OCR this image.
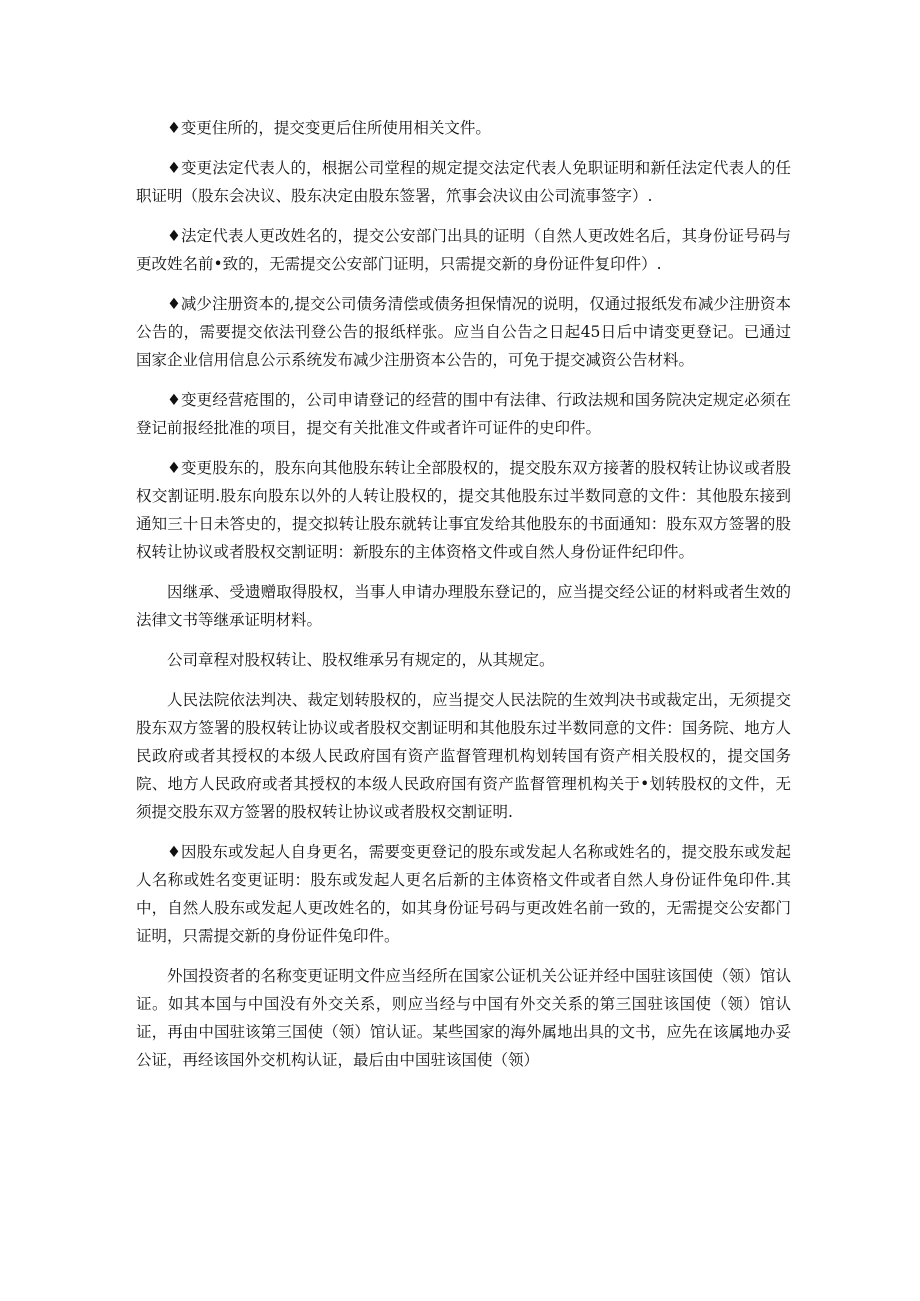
♦变更住所的，提交变更后住所使用相关文件。

♦变更法定代表人的，根据公司堂程的规定提交法定代表人免职证明和新任法定代表人的任职证明（股东会决议、股东决定由股东签署，笊事会决议由公司流事签字）.

♦法定代表人更改姓名的，提交公安部门出具的证明（自然人更改姓名后，其身份证号码与更改姓名前•致的，无需提交公安部门证明，只需提交新的身份证件复印件）.

♦减少注册资本的,提交公司债务清偿或债务担保情况的说明，仅通过报纸发布减少注册资本公告的，需要提交依法刊登公告的报纸样张。应当自公告之日起45日后中请变更登记。已通过国家企业信用信息公示系统发布减少注册资本公告的，可免于提交减资公告材料。

♦变更经营疮围的，公司申请登记的经营的围中有法律、行政法规和国务院决定规定必须在登记前报经批准的项目，提交有关批准文件或者许可证件的史印件。

♦变更股东的，股东向其他股东转让全部股权的，提交股东双方接著的股权转让协议或者股权交割证明.股东向股东以外的人转让股权的，提交其他股东过半数同意的文件：其他股东接到通知三十日未答史的，提交拟转让股东就转让事宜发给其他股东的书面通知：股东双方签署的股权转让协议或者股权交割证明：新股东的主体资格文件或自然人身份证件纪印件。

因继承、受遗赠取得股权，当事人申请办理股东登记的，应当提交经公证的材料或者生效的法律文书等继承证明材料。

公司章程对股权转让、股权维承另有规定的，从其规定。

人民法院依法判决、裁定划转股权的，应当提交人民法院的生效判决书或裁定出，无须提交股东双方签署的股权转让协议或者股权交割证明和其他股东过半数同意的文件：国务院、地方人民政府或者其授权的本级人民政府国有资产监督管理机构划转国有资产相关股权的，提交国务院、地方人民政府或者其授权的本级人民政府国有资产监督管理机构关于•划转股权的文件，无须提交股东双方签署的股权转让协议或者股权交割证明.

♦因股东或发起人自身更名，需要变更登记的股东或发起人名称或姓名的，提交股东或发起人名称或姓名变更证明：股东或发起人更名后新的主体资格文件或者自然人身份证件兔印件.其中，自然人股东或发起人更改姓名的，如其身份证号码与更改姓名前一致的，无需提交公安都门证明，只需提交新的身份证件兔印件。

外国投资者的名称变更证明文件应当经所在国家公证机关公证并经中国驻该国使（领）馆认证。如其本国与中国没有外交关系，则应当经与中国有外交关系的第三国驻该国使（领）馆认证，再由中国驻该第三国使（领）馆认证。某些国家的海外属地出具的文书，应先在该属地办妥公证，再经该国外交机构认证，最后由中国驻该国使（领）
